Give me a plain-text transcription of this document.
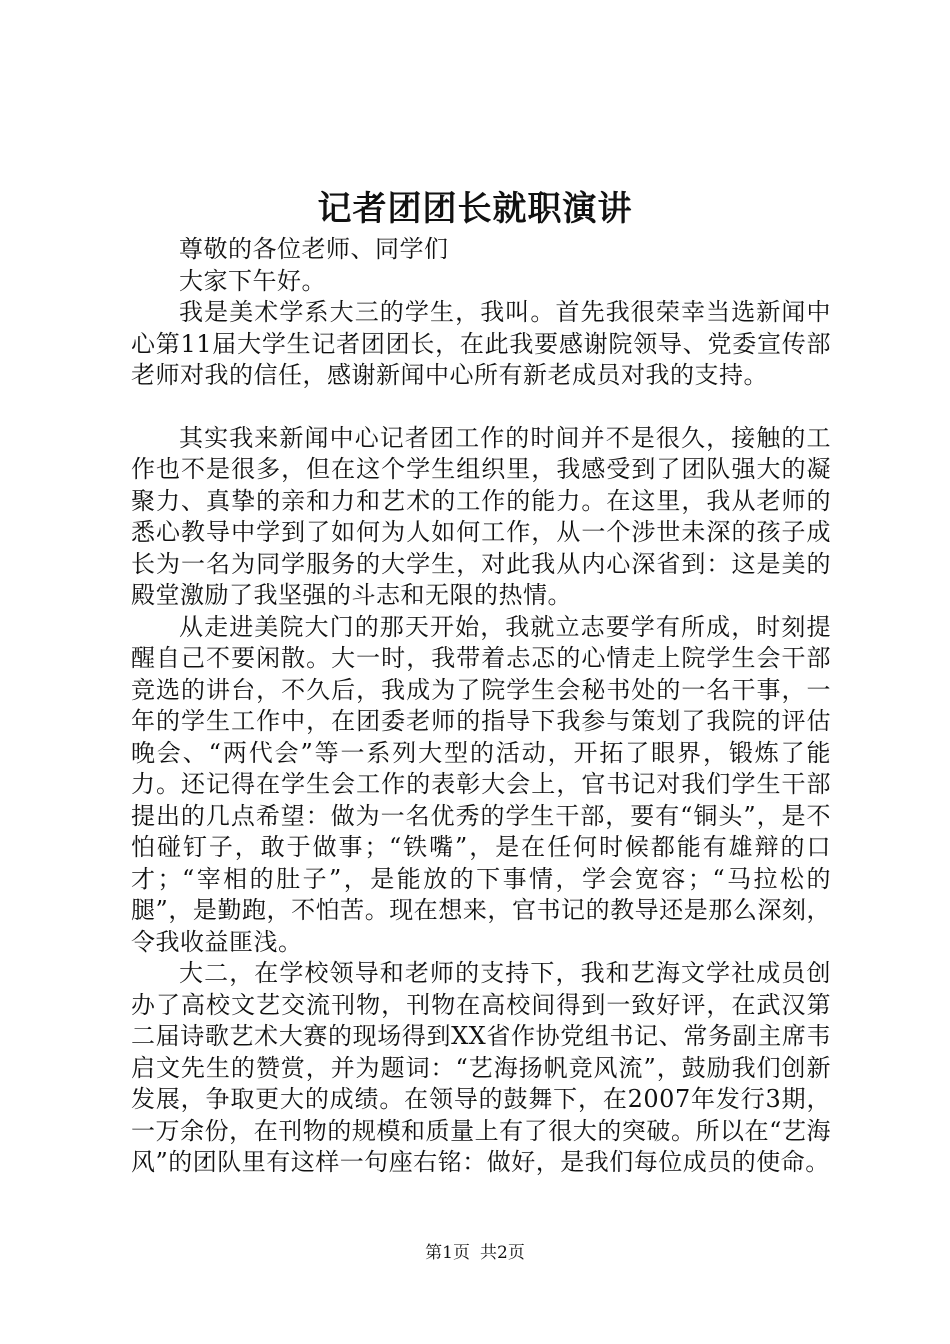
记者团团长就职演讲

尊敬的各位老师、同学们

大家下午好。

我是美术学系大三的学生，我叫。首先我很荣幸当选新闻中心第11届大学生记者团团长，在此我要感谢院领导、党委宣传部老师对我的信任，感谢新闻中心所有新老成员对我的支持。

其实我来新闻中心记者团工作的时间并不是很久，接触的工作也不是很多，但在这个学生组织里，我感受到了团队强大的凝聚力、真挚的亲和力和艺术的工作的能力。在这里，我从老师的悉心教导中学到了如何为人如何工作，从一个涉世未深的孩子成长为一名为同学服务的大学生，对此我从内心深省到：这是美的殿堂激励了我坚强的斗志和无限的热情。

从走进美院大门的那天开始，我就立志要学有所成，时刻提醒自己不要闲散。大一时，我带着忐忑的心情走上院学生会干部竞选的讲台，不久后，我成为了院学生会秘书处的一名干事，一年的学生工作中，在团委老师的指导下我参与策划了我院的评估晚会、“两代会”等一系列大型的活动，开拓了眼界，锻炼了能力。还记得在学生会工作的表彰大会上，官书记对我们学生干部提出的几点希望：做为一名优秀的学生干部，要有“铜头”，是不怕碰钉子，敢于做事；“铁嘴”，是在任何时候都能有雄辩的口才；“宰相的肚子”，是能放的下事情，学会宽容；“马拉松的腿”，是勤跑，不怕苦。现在想来，官书记的教导还是那么深刻，令我收益匪浅。

大二，在学校领导和老师的支持下，我和艺海文学社成员创办了高校文艺交流刊物，刊物在高校间得到一致好评，在武汉第二届诗歌艺术大赛的现场得到XX省作协党组书记、常务副主席韦启文先生的赞赏，并为题词：“艺海扬帆竞风流”，鼓励我们创新发展，争取更大的成绩。在领导的鼓舞下，在2007年发行3期，一万余份，在刊物的规模和质量上有了很大的突破。所以在“艺海风”的团队里有这样一句座右铭：做好，是我们每位成员的使命。

第1页 共2页
